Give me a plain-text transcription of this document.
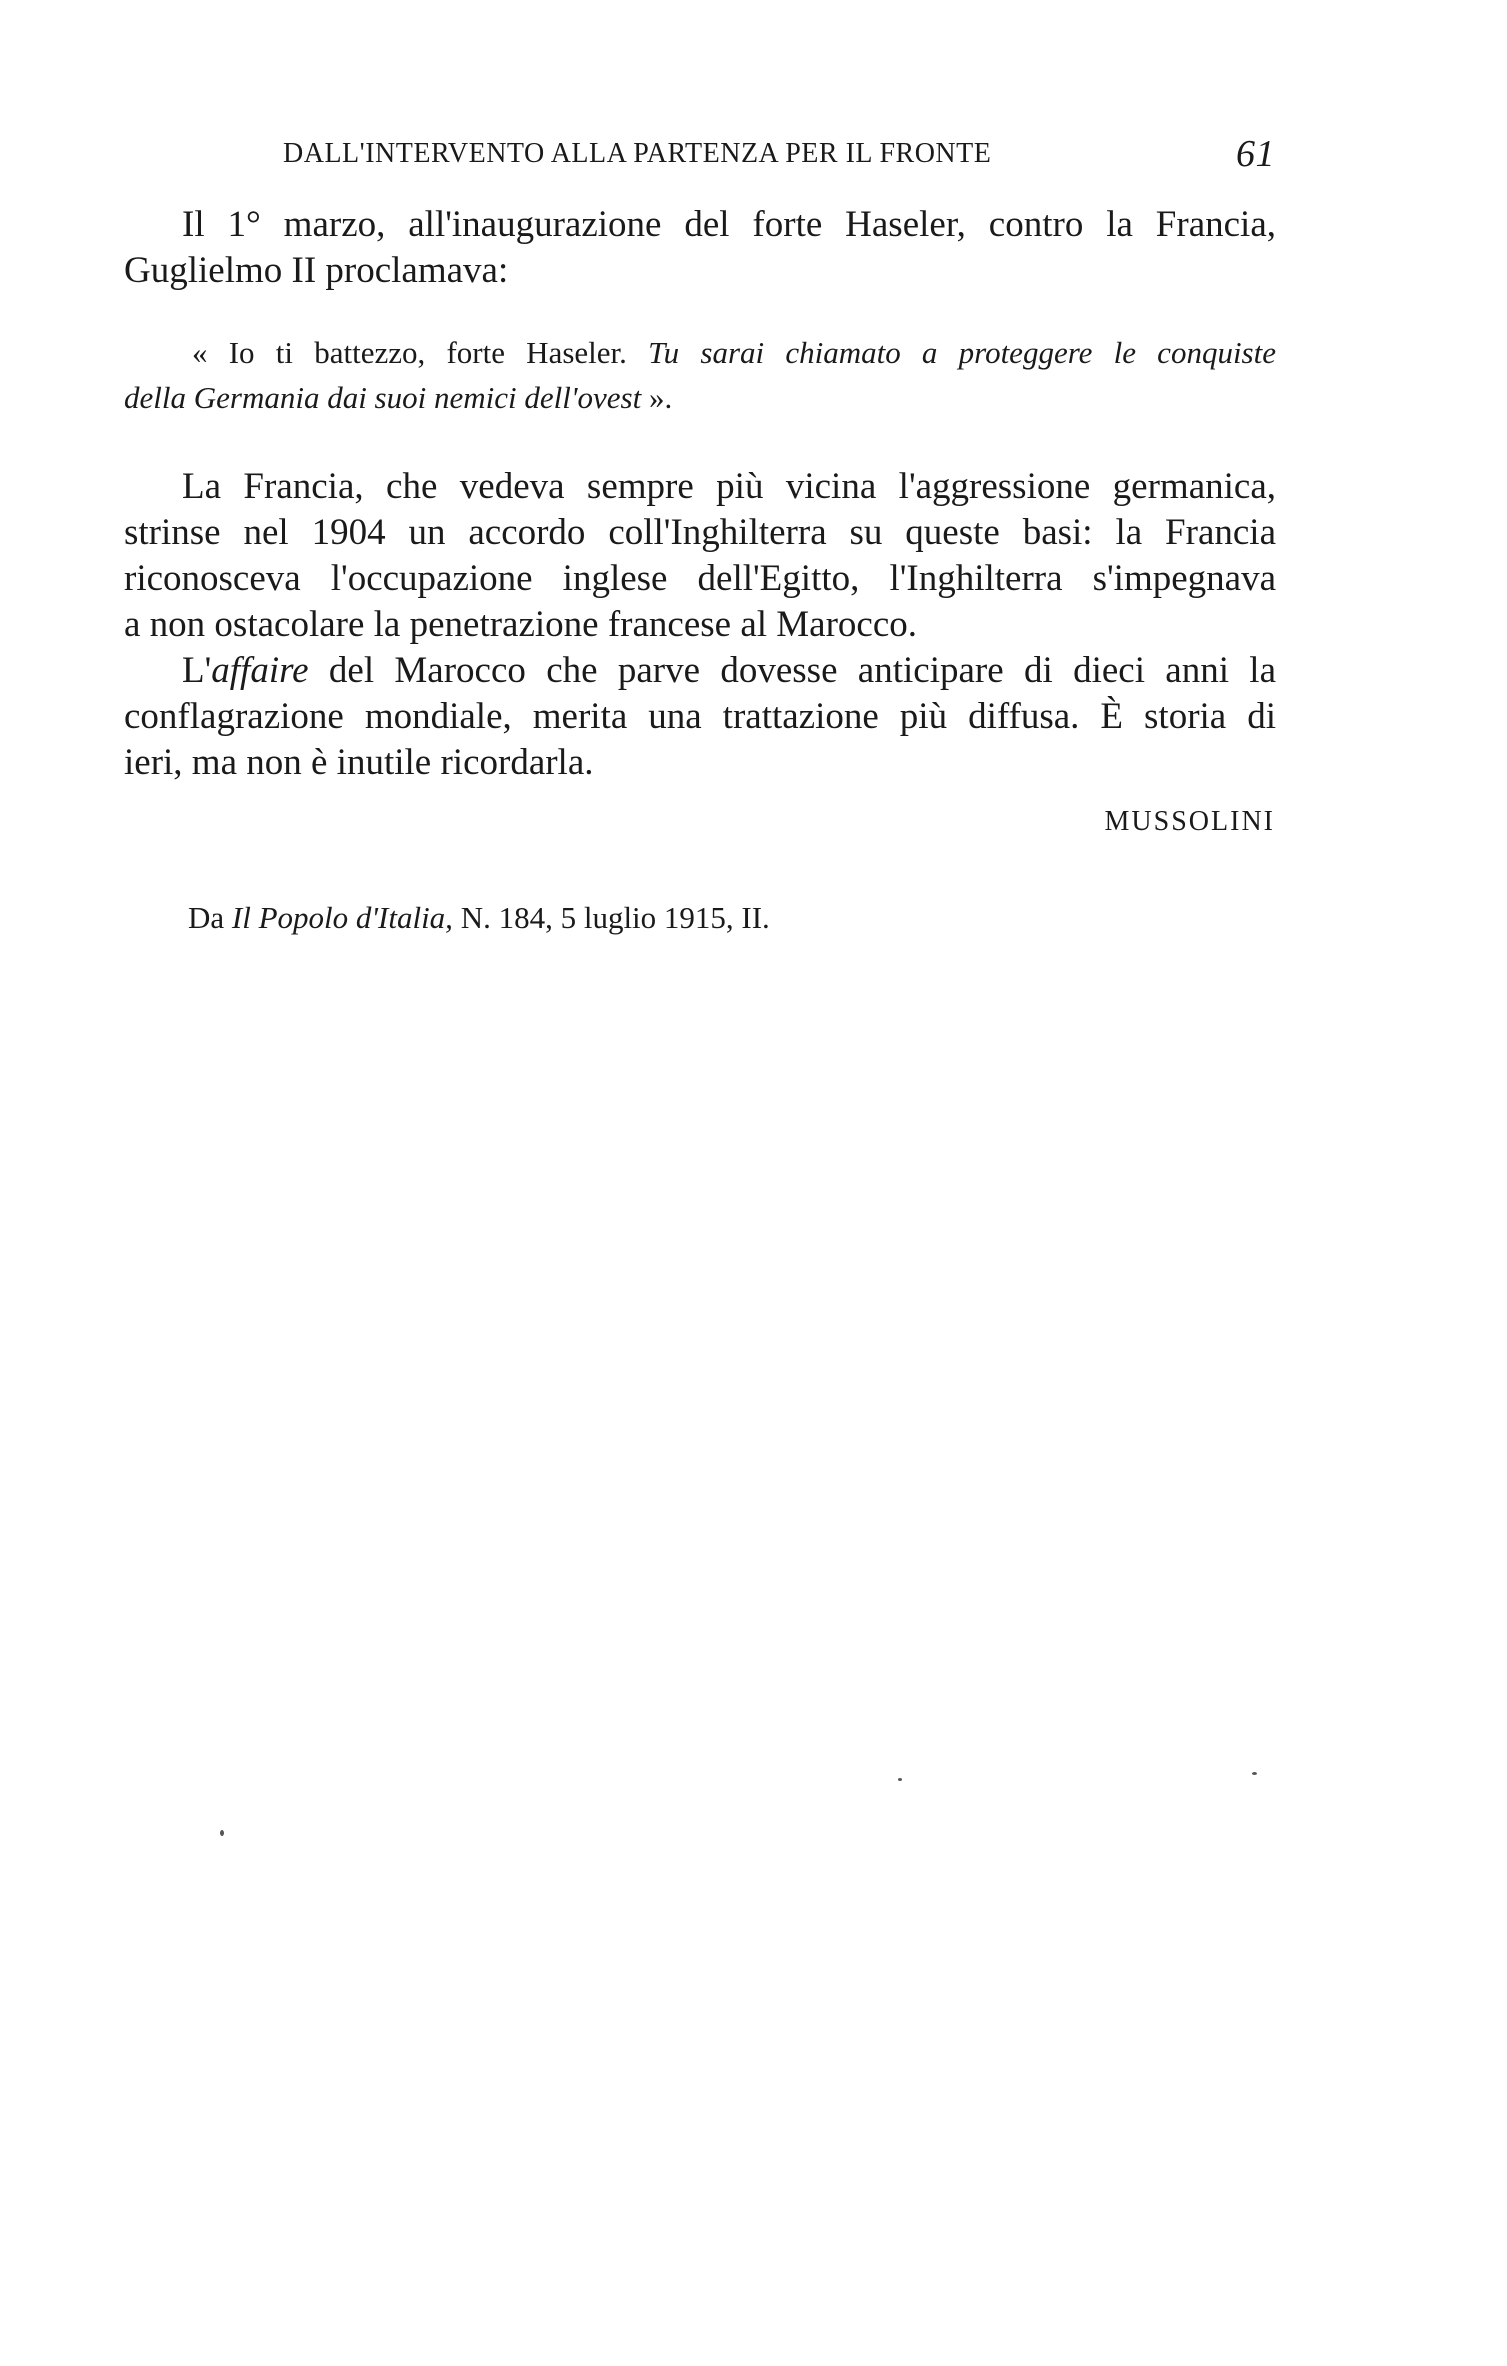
DALL'INTERVENTO ALLA PARTENZA PER IL FRONTE	61
Il 1° marzo, all'inaugurazione del forte Haseler, contro la Francia,
Guglielmo II proclamava:
« Io ti battezzo, forte Haseler. Tu sarai chiamato a proteggere le conquiste
della Germania dai suoi nemici dell'ovest ».
La Francia, che vedeva sempre più vicina l'aggressione germanica,
strinse nel 1904 un accordo coll'Inghilterra su queste basi: la Francia
riconosceva l'occupazione inglese dell'Egitto, l'Inghilterra s'impegnava
a non ostacolare la penetrazione francese al Marocco.
L'affaire del Marocco che parve dovesse anticipare di dieci anni la
conflagrazione mondiale, merita una trattazione più diffusa. È storia di
ieri, ma non è inutile ricordarla.
MUSSOLINI
Da Il Popolo d'Italia, N. 184, 5 luglio 1915, II.
